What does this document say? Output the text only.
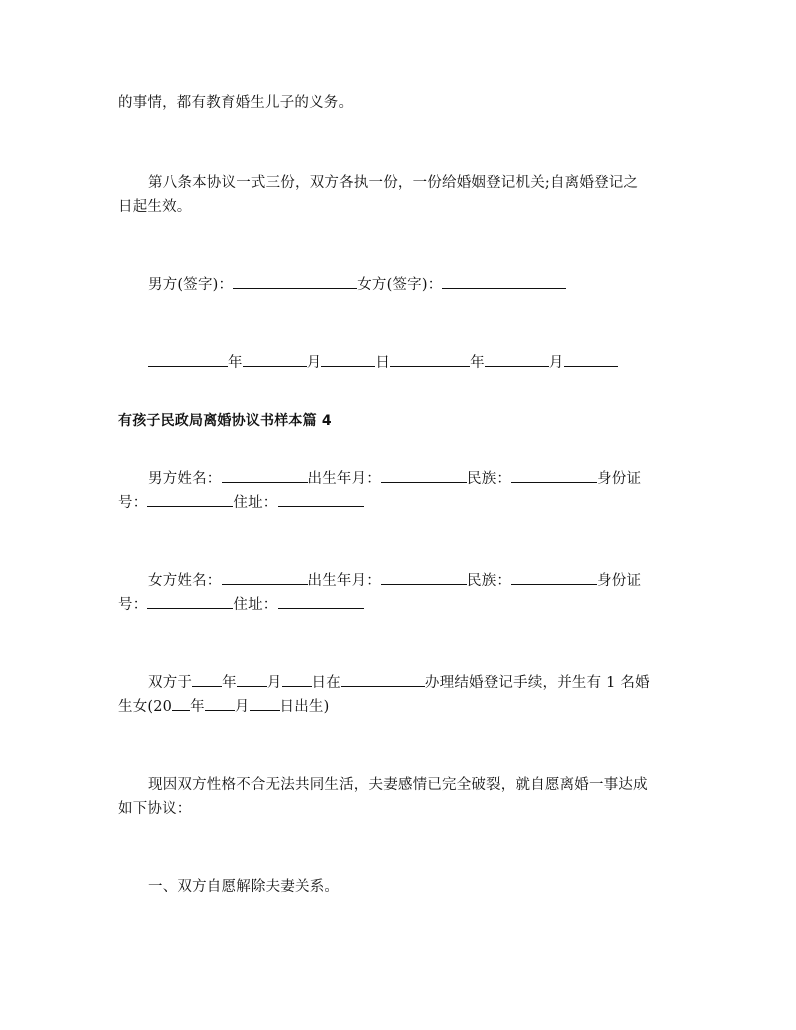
的事情，都有教育婚生儿子的义务。
第八条本协议一式三份，双方各执一份，一份给婚姻登记机关;自离婚登记之
日起生效。
男方(签字)：	女方(签字)：
年	月	日	年	月
有孩子民政局离婚协议书样本篇 4
男方姓名：	出生年月：	民族：	身份证
号：	住址：
女方姓名：	出生年月：	民族：	身份证
号：	住址：
双方于 年 月 日在	办理结婚登记手续，并生有 1 名婚
生女(20 年 月 日出生)
现因双方性格不合无法共同生活，夫妻感情已完全破裂，就自愿离婚一事达成
如下协议：
一、双方自愿解除夫妻关系。
